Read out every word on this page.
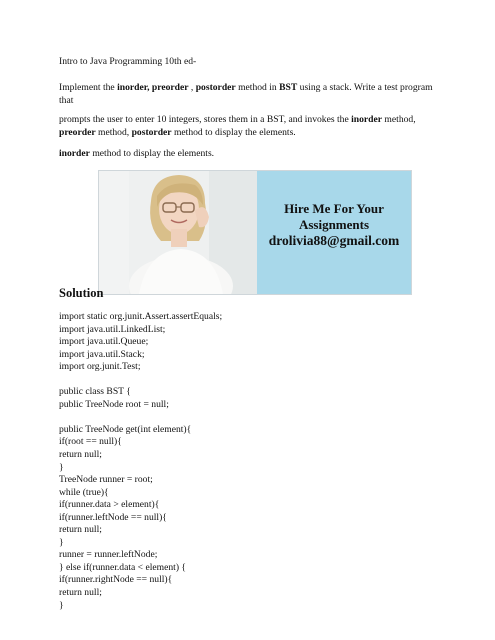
Intro to Java Programming 10th ed-
Implement the inorder, preorder , postorder method in BST using a stack. Write a test program that
prompts the user to enter 10 integers, stores them in a BST, and invokes the inorder method, preorder method, postorder method to display the elements.
inorder method to display the elements.
Hire Me For Your
Assignments
drolivia88@gmail.com
Solution
import static org.junit.Assert.assertEquals;
import java.util.LinkedList;
import java.util.Queue;
import java.util.Stack;
import org.junit.Test;

public class BST {
public TreeNode root = null;

public TreeNode get(int element){
if(root == null){
return null;
}
TreeNode runner = root;
while (true){
if(runner.data > element){
if(runner.leftNode == null){
return null;
}
runner = runner.leftNode;
} else if(runner.data < element) {
if(runner.rightNode == null){
return null;
}
